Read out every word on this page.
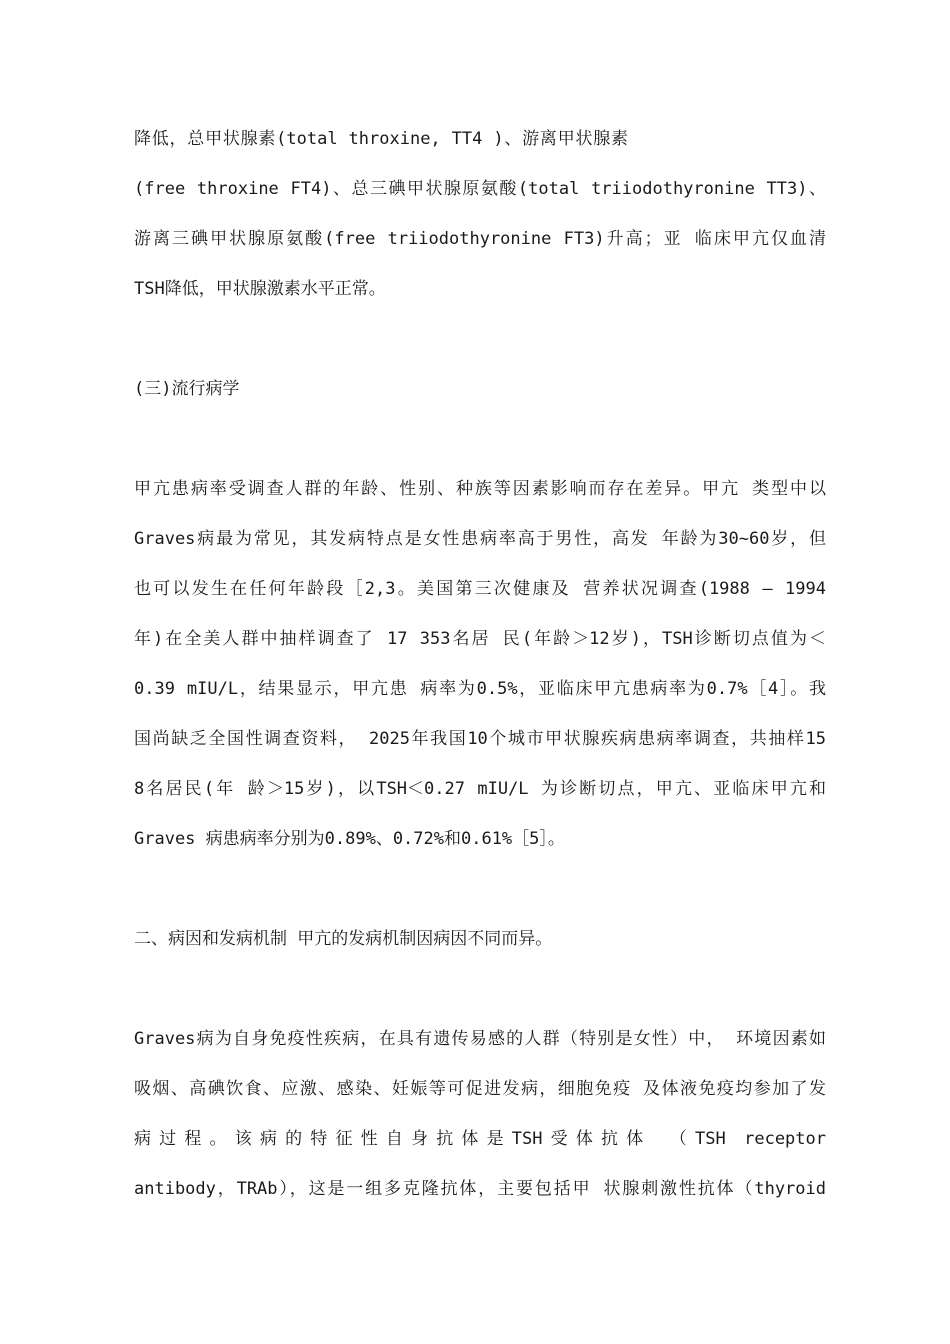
降低，总甲状腺素(total throxine, TT4 )、游离甲状腺素
(free throxine FT4)、总三碘甲状腺原氨酸(total triiodothyronine TT3)、
游离三碘甲状腺原氨酸(free triiodothyronine FT3)升高；亚 临床甲亢仅血清
TSH降低，甲状腺激素水平正常。
(三)流行病学
甲亢患病率受调查人群的年龄、性别、种族等因素影响而存在差异。甲亢 类型中以
Graves病最为常见，其发病特点是女性患病率高于男性，高发 年龄为30~60岁，但
也可以发生在任何年龄段［2,3。美国第三次健康及 营养状况调查(1988 — 1994
年)在全美人群中抽样调查了 17 353名居 民(年龄＞12岁)，TSH诊断切点值为＜
0.39 mIU/L，结果显示，甲亢患 病率为0.5%，亚临床甲亢患病率为0.7%［4］。我
国尚缺乏全国性调查资料， 2025年我国10个城市甲状腺疾病患病率调查，共抽样15
8名居民(年 龄＞15岁)，以TSH＜0.27 mIU/L 为诊断切点，甲亢、亚临床甲亢和
Graves 病患病率分别为0.89%、0.72%和0.61%［5］。
二、病因和发病机制 甲亢的发病机制因病因不同而异。
Graves病为自身免疫性疾病，在具有遗传易感的人群（特别是女性）中， 环境因素如
吸烟、高碘饮食、应激、感染、妊娠等可促进发病，细胞免疫 及体液免疫均参加了发
病过程。该病的特征性自身抗体是TSH受体抗体 （TSH receptor
antibody，TRAb），这是一组多克隆抗体，主要包括甲 状腺刺激性抗体（thyroid
